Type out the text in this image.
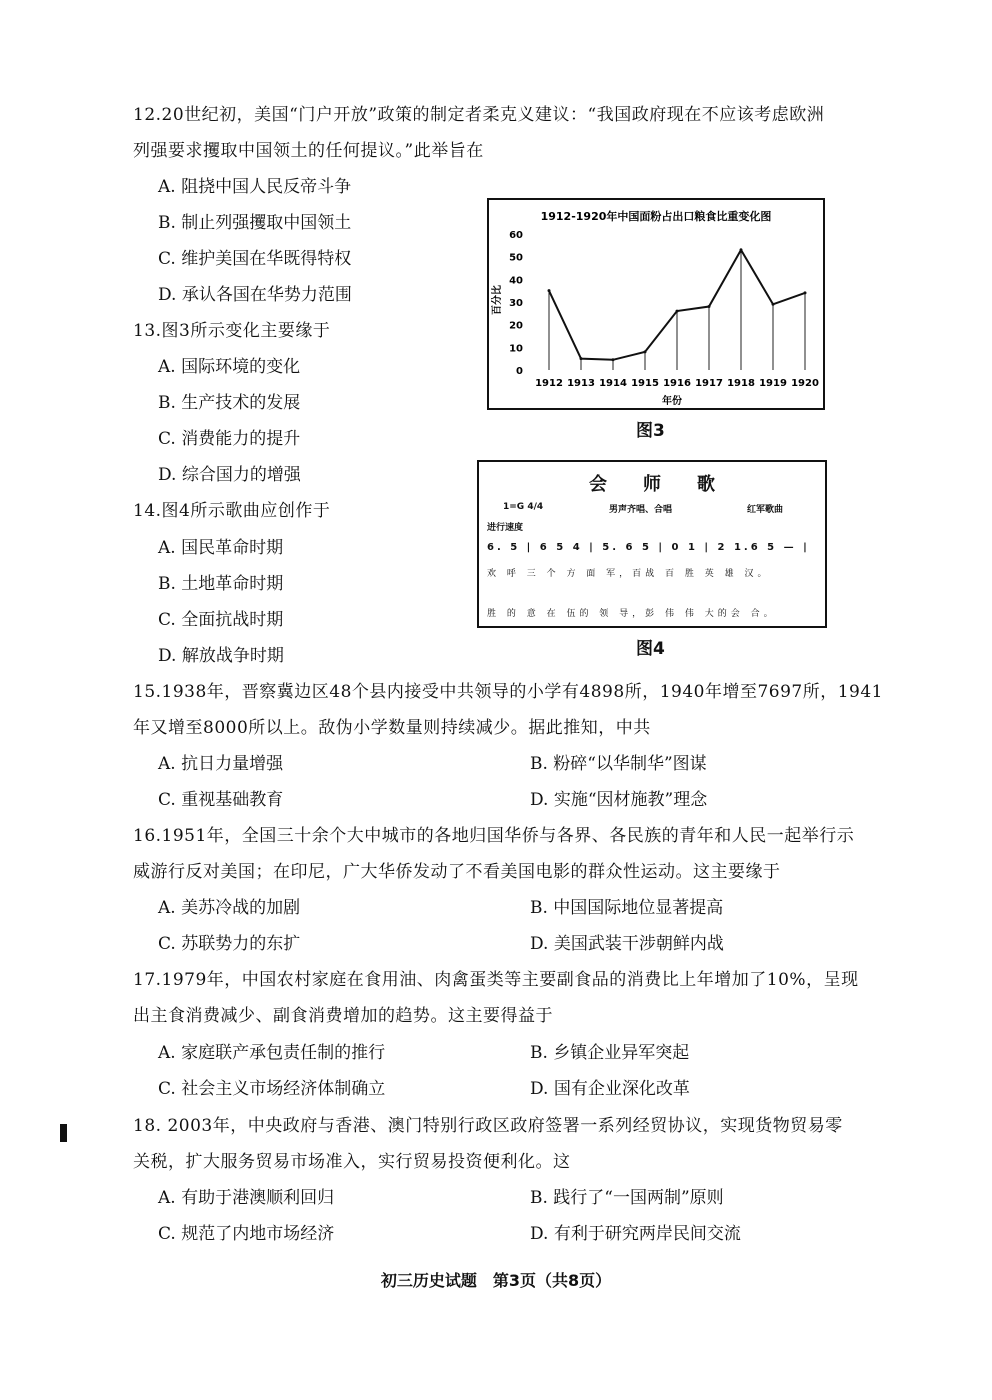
12.20世纪初，美国“门户开放”政策的制定者柔克义建议：“我国政府现在不应该考虑欧洲
列强要求攫取中国领土的任何提议。”此举旨在
A. 阻挠中国人民反帝斗争
B. 制止列强攫取中国领土
C. 维护美国在华既得特权
D. 承认各国在华势力范围
13.图3所示变化主要缘于
A. 国际环境的变化
B. 生产技术的发展
C. 消费能力的提升
D. 综合国力的增强
14.图4所示歌曲应创作于
A. 国民革命时期
B. 土地革命时期
C. 全面抗战时期
D. 解放战争时期
1912-1920年中国面粉占出口粮食比重变化图
百分比
年份
0
10
20
30
40
50
60
1912 1913 1914 1915 1916 1917 1918 1919 1920
图3
会　　师　　歌
1=G 4/4	男声齐唱、合唱	红军歌曲
进行速度
6. 5 | 6 5 4 | 5. 6 5 | 0 1 | 2 1.6 5 — |
欢 呼 三 个 方 面 军，百战 百 胜 英 雄 汉。
胜 的 意 在 伍的 领 导，彭 伟 伟 大的会 合。
图4
15.1938年，晋察冀边区48个县内接受中共领导的小学有4898所，1940年增至7697所，1941
年又增至8000所以上。敌伪小学数量则持续减少。据此推知，中共
A. 抗日力量增强	B. 粉碎“以华制华”图谋
C. 重视基础教育	D. 实施“因材施教”理念
16.1951年，全国三十余个大中城市的各地归国华侨与各界、各民族的青年和人民一起举行示
威游行反对美国；在印尼，广大华侨发动了不看美国电影的群众性运动。这主要缘于
A. 美苏冷战的加剧	B. 中国国际地位显著提高
C. 苏联势力的东扩	D. 美国武装干涉朝鲜内战
17.1979年，中国农村家庭在食用油、肉禽蛋类等主要副食品的消费比上年增加了10%，呈现
出主食消费减少、副食消费增加的趋势。这主要得益于
A. 家庭联产承包责任制的推行	B. 乡镇企业异军突起
C. 社会主义市场经济体制确立	D. 国有企业深化改革
18. 2003年，中央政府与香港、澳门特别行政区政府签署一系列经贸协议，实现货物贸易零
关税，扩大服务贸易市场准入，实行贸易投资便利化。这
A. 有助于港澳顺利回归	B. 践行了“一国两制”原则
C. 规范了内地市场经济	D. 有利于研究两岸民间交流
初三历史试题　第3页（共8页）
